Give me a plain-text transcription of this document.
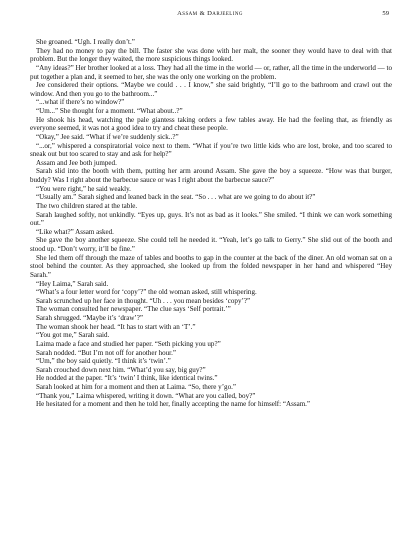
Assam & Darjeeling	59

She groaned. “Ugh. I really don’t.”

They had no money to pay the bill. The faster she was done with her malt, the sooner they would have to deal with that problem. But the longer they waited, the more suspicious things looked.

“Any ideas?” Her brother looked at a loss. They had all the time in the world — or, rather, all the time in the underworld — to put together a plan and, it seemed to her, she was the only one working on the problem.

Jee considered their options. “Maybe we could . . . I know,” she said brightly, “I’ll go to the bathroom and crawl out the window. And then you go to the bathroom...”

“...what if there’s no window?”

“Um...” She thought for a moment. “What about..?”

He shook his head, watching the pale giantess taking orders a few tables away. He had the feeling that, as friendly as everyone seemed, it was not a good idea to try and cheat these people.

“Okay,” Jee said. “What if we’re suddenly sick..?”

“...or,” whispered a conspiratorial voice next to them. “What if you’re two little kids who are lost, broke, and too scared to sneak out but too scared to stay and ask for help?”

Assam and Jee both jumped.

Sarah slid into the booth with them, putting her arm around Assam. She gave the boy a squeeze. “How was that burger, buddy? Was I right about the barbecue sauce or was I right about the barbecue sauce?”

“You were right,” he said weakly.

“Usually am.” Sarah sighed and leaned back in the seat. “So . . . what are we going to do about it?”

The two children stared at the table.

Sarah laughed softly, not unkindly. “Eyes up, guys. It’s not as bad as it looks.” She smiled. “I think we can work something out.”

“Like what?” Assam asked.

She gave the boy another squeeze. She could tell he needed it. “Yeah, let’s go talk to Gerry.” She slid out of the booth and stood up. “Don’t worry, it’ll be fine.”

She led them off through the maze of tables and booths to gap in the counter at the back of the diner. An old woman sat on a stool behind the counter. As they approached, she looked up from the folded newspaper in her hand and whispered “Hey Sarah.”

“Hey Laima,” Sarah said.

“What’s a four letter word for ‘copy’?” the old woman asked, still whispering.

Sarah scrunched up her face in thought. “Uh . . . you mean besides ‘copy’?”

The woman consulted her newspaper. “The clue says ‘Self portrait.’”

Sarah shrugged. “Maybe it’s ‘draw’?”

The woman shook her head. “It has to start with an ‘T’.”

“You got me,” Sarah said.

Laima made a face and studied her paper. “Seth picking you up?”

Sarah nodded. “But I’m not off for another hour.”

“Um,” the boy said quietly. “I think it’s ‘twin’.”

Sarah crouched down next him. “What’d you say, big guy?”

He nodded at the paper. “It’s ‘twin’ I think, like identical twins.”

Sarah looked at him for a moment and then at Laima. “So, there y’go.”

“Thank you,” Laima whispered, writing it down. “What are you called, boy?”

He hesitated for a moment and then he told her, finally accepting the name for himself: “Assam.”
